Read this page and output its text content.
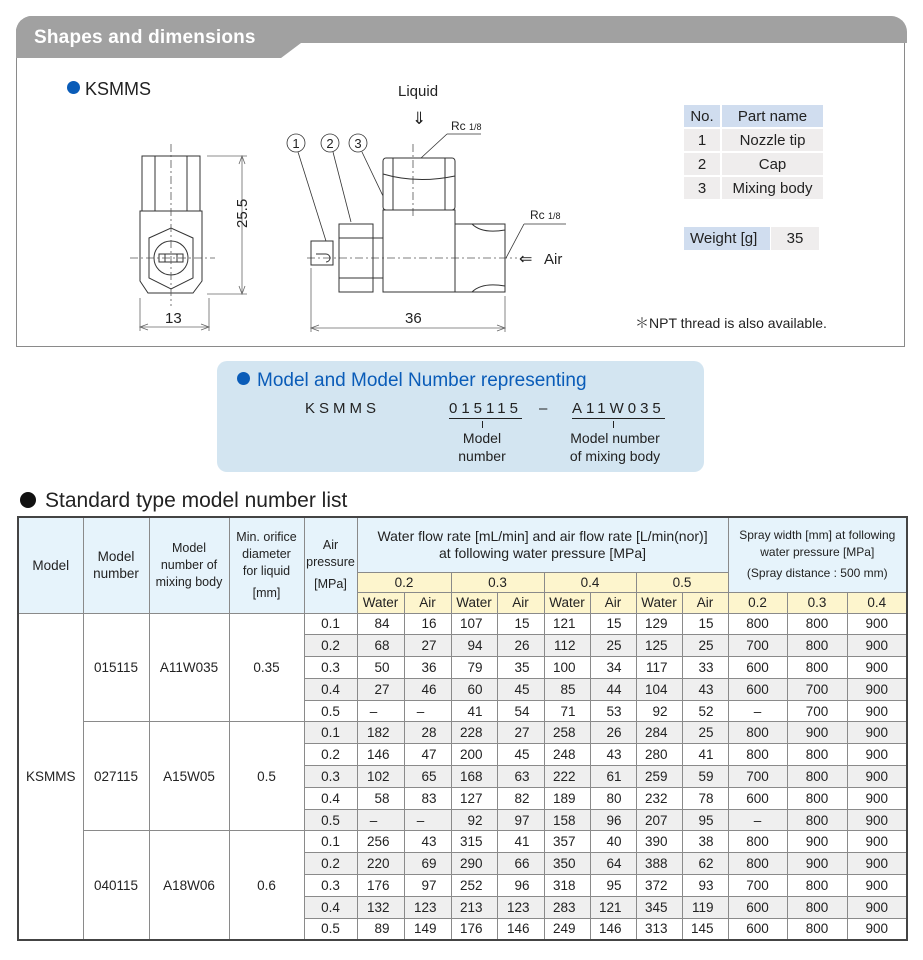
Shapes and dimensions
KSMMS
25.5
13
1 2 3
Liquid
⇓ Rc 1/8
Rc 1/8
⇐ Air
36
No.	Part name
1	Nozzle tip
2	Cap
3	Mixing body
Weight [g]	35
＊NPT thread is also available.
Model and Model Number representing
KSMMS	015115 – A11W035
Model
number
Model number
of mixing body
Standard type model number list
Model	
Model
number

Model
number of
mixing body

Min. orifice
diameter
for liquid
[mm]

Air
pressure
[MPa]

Water flow rate [mL/min] and air flow rate [L/min(nor)]
at following water pressure [MPa]

Spray width [mm] at following
water pressure [MPa]
(Spray distance : 500 mm)

					0.2		0.3		0.4		0.5				
					Water	Air	Water	Air	Water	Air	Water	Air	0.2	0.3	0.4
KSMMS	015115	A11W035	0.35	0.1	84	16	107	15	121	15	129	15	800	800	900
				0.2	68	27	94	26	112	25	125	25	700	800	900
				0.3	50	36	79	35	100	34	117	33	600	800	900
				0.4	27	46	60	45	85	44	104	43	600	700	900
				0.5	–	–	41	54	71	53	92	52	–	700	900
	027115	A15W05	0.5	0.1	182	28	228	27	258	26	284	25	800	900	900
				0.2	146	47	200	45	248	43	280	41	800	800	900
				0.3	102	65	168	63	222	61	259	59	700	800	900
				0.4	58	83	127	82	189	80	232	78	600	800	900
				0.5	–	–	92	97	158	96	207	95	–	800	900
	040115	A18W06	0.6	0.1	256	43	315	41	357	40	390	38	800	900	900
				0.2	220	69	290	66	350	64	388	62	800	900	900
				0.3	176	97	252	96	318	95	372	93	700	800	900
				0.4	132	123	213	123	283	121	345	119	600	800	900
				0.5	89	149	176	146	249	146	313	145	600	800	900
